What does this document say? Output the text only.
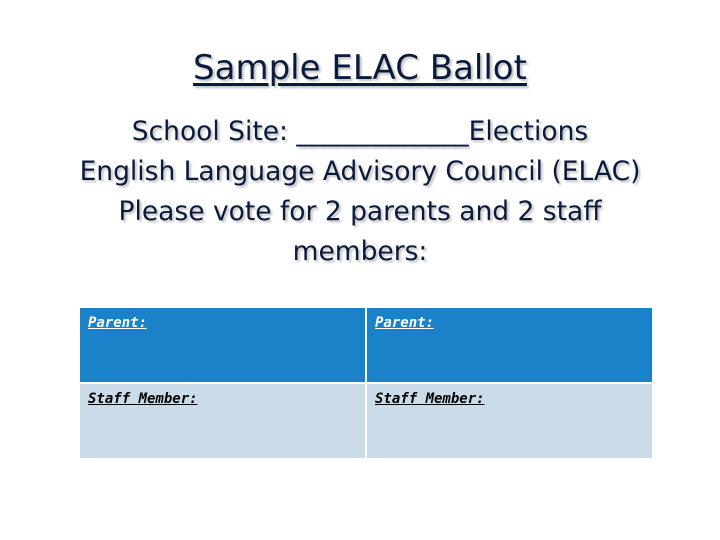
Sample ELAC Ballot
School Site: _____________Elections
English Language Advisory Council (ELAC)
Please vote for 2 parents and 2 staff
members:
Parent:	Parent:
Staff Member:	Staff Member:
